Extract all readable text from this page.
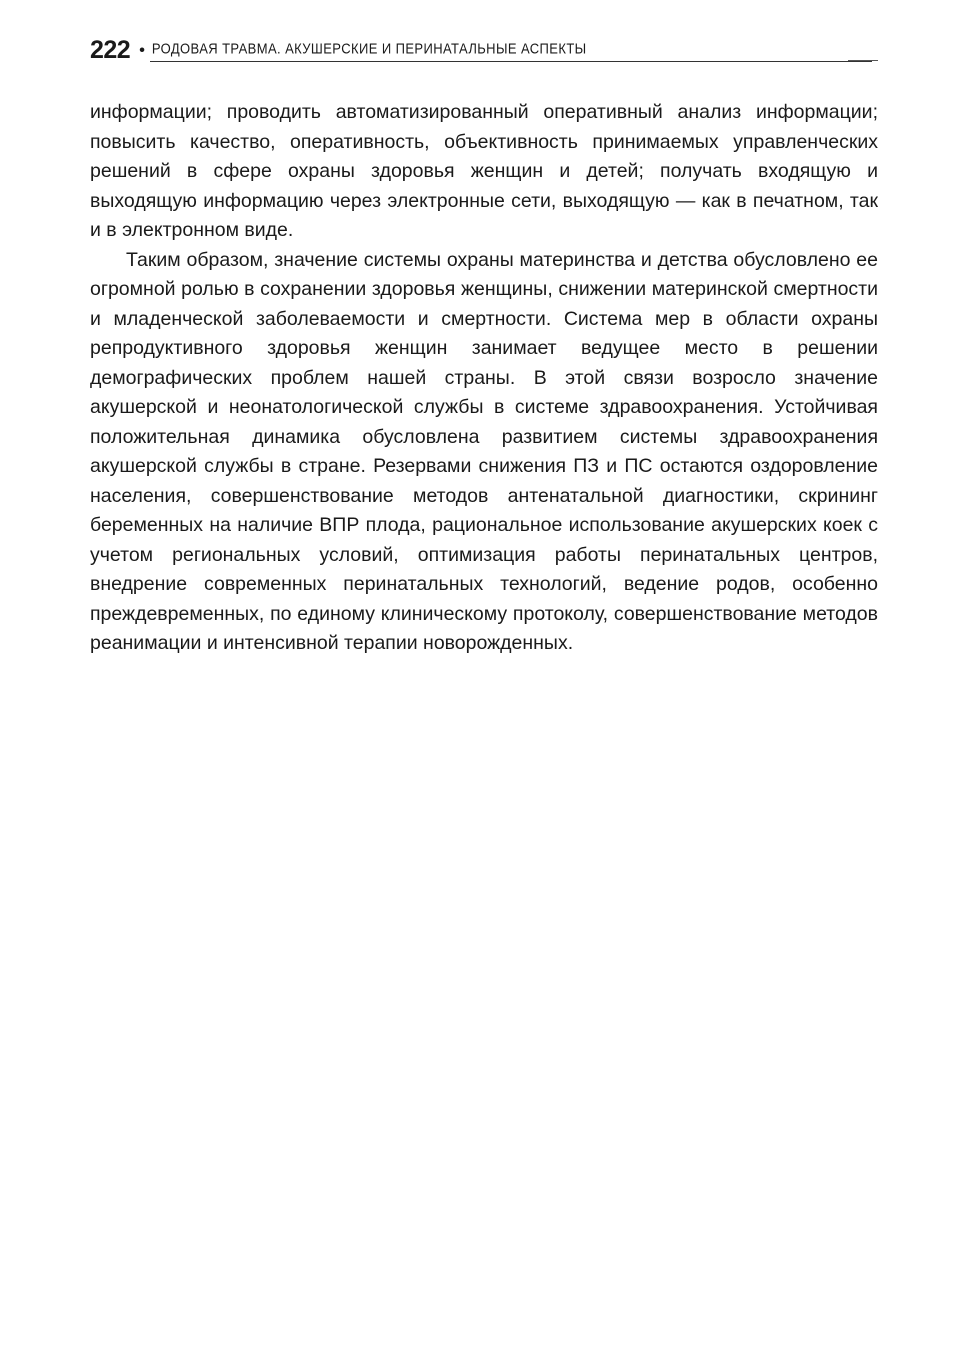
222 • РОДОВАЯ ТРАВМА. АКУШЕРСКИЕ И ПЕРИНАТАЛЬНЫЕ АСПЕКТЫ

информации; проводить автоматизированный оперативный анализ информации; повысить качество, оперативность, объективность принимаемых управленческих решений в сфере охраны здоровья женщин и детей; получать входящую и выходящую информацию через электронные сети, выходящую — как в печатном, так и в электронном виде.

Таким образом, значение системы охраны материнства и детства обусловлено ее огромной ролью в сохранении здоровья женщины, снижении материнской смертности и младенческой заболеваемости и смертности. Система мер в области охраны репродуктивного здоровья женщин занимает ведущее место в решении демографических проблем нашей страны. В этой связи возросло значение акушерской и неонатологической службы в системе здравоохранения. Устойчивая положительная динамика обусловлена развитием системы здравоохранения акушерской службы в стране. Резервами снижения ПЗ и ПС остаются оздоровление населения, совершенствование методов антенатальной диагностики, скрининг беременных на наличие ВПР плода, рациональное использование акушерских коек с учетом региональных условий, оптимизация работы перинатальных центров, внедрение современных перинатальных технологий, ведение родов, особенно преждевременных, по единому клиническому протоколу, совершенствование методов реанимации и интенсивной терапии новорожденных.
